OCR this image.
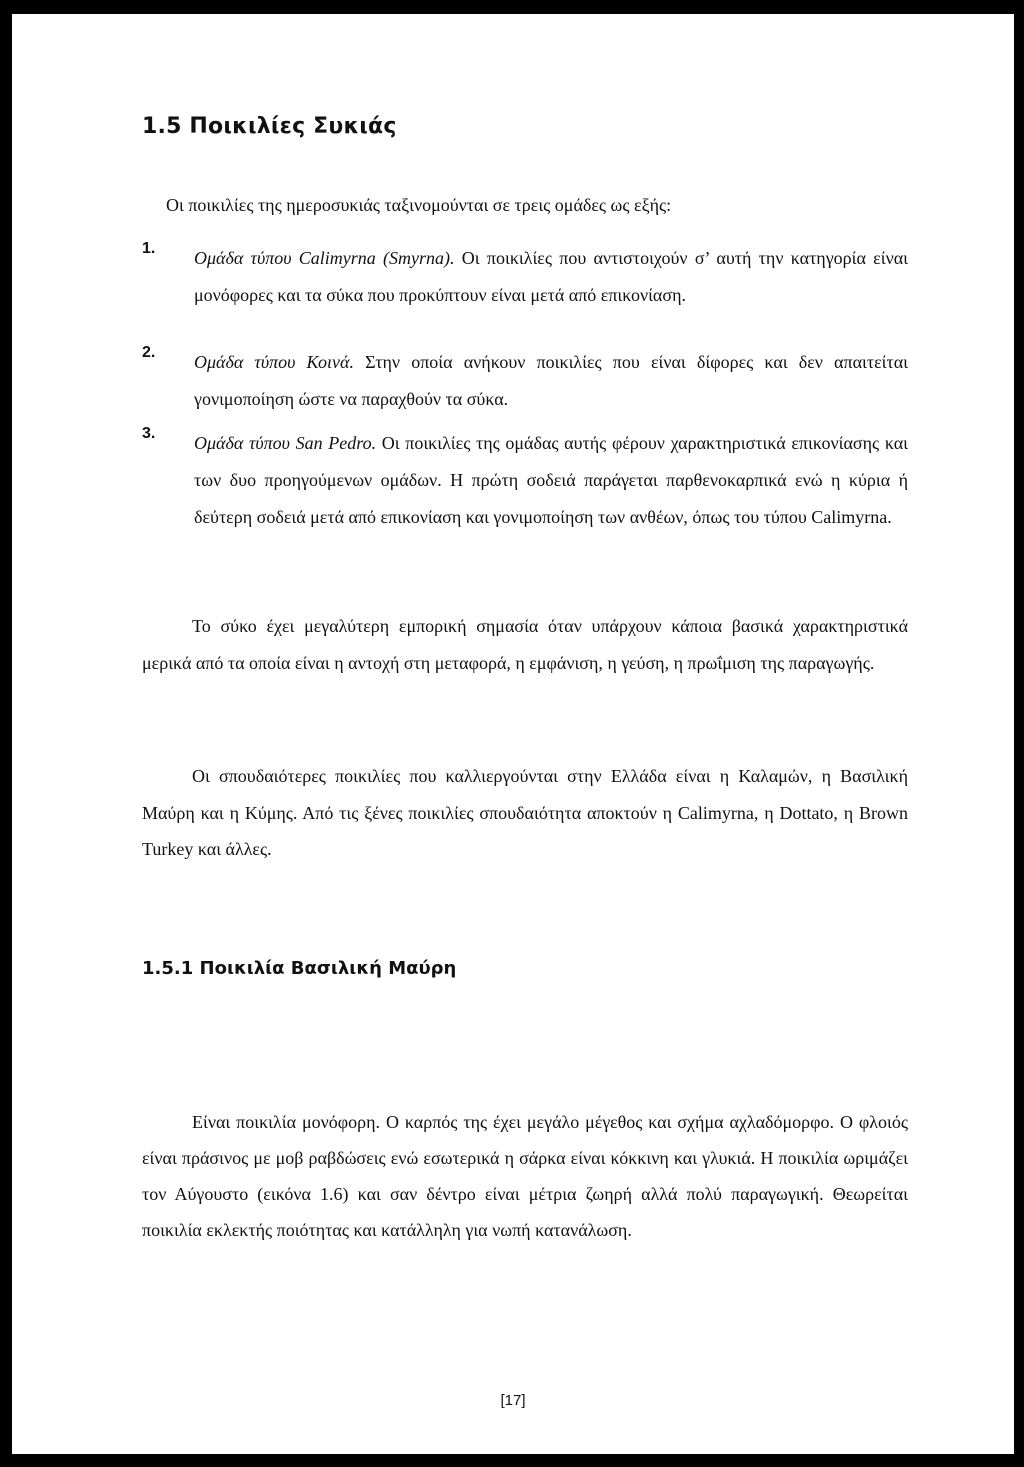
1.5 Ποικιλίες Συκιάς
Οι ποικιλίες της ημεροσυκιάς ταξινομούνται σε τρεις ομάδες ως εξής:
1. Ομάδα τύπου Calimyrna (Smyrna). Οι ποικιλίες που αντιστοιχούν σ’ αυτή την κατηγορία είναι μονόφορες και τα σύκα που προκύπτουν είναι μετά από επικονίαση.
2. Ομάδα τύπου Κοινά. Στην οποία ανήκουν ποικιλίες που είναι δίφορες και δεν απαιτείται γονιμοποίηση ώστε να παραχθούν τα σύκα.
3. Ομάδα τύπου San Pedro. Οι ποικιλίες της ομάδας αυτής φέρουν χαρακτηριστικά επικονίασης και των δυο προηγούμενων ομάδων. Η πρώτη σοδειά παράγεται παρθενοκαρπικά ενώ η κύρια ή δεύτερη σοδειά μετά από επικονίαση και γονιμοποίηση των ανθέων, όπως του τύπου Calimyrna.
Το σύκο έχει μεγαλύτερη εμπορική σημασία όταν υπάρχουν κάποια βασικά χαρακτηριστικά μερικά από τα οποία είναι η αντοχή στη μεταφορά, η εμφάνιση, η γεύση, η πρωΐμιση της παραγωγής.
Οι σπουδαιότερες ποικιλίες που καλλιεργούνται στην Ελλάδα είναι η Καλαμών, η Βασιλική Μαύρη και η Κύμης. Από τις ξένες ποικιλίες σπουδαιότητα αποκτούν η Calimyrna, η Dottato, η Brown Turkey και άλλες.
1.5.1 Ποικιλία Βασιλική Μαύρη
Είναι ποικιλία μονόφορη. Ο καρπός της έχει μεγάλο μέγεθος και σχήμα αχλαδόμορφο. Ο φλοιός είναι πράσινος με μοβ ραβδώσεις ενώ εσωτερικά η σάρκα είναι κόκκινη και γλυκιά. Η ποικιλία ωριμάζει τον Αύγουστο (εικόνα 1.6) και σαν δέντρο είναι μέτρια ζωηρή αλλά πολύ παραγωγική. Θεωρείται ποικιλία εκλεκτής ποιότητας και κατάλληλη για νωπή κατανάλωση.
[17]
